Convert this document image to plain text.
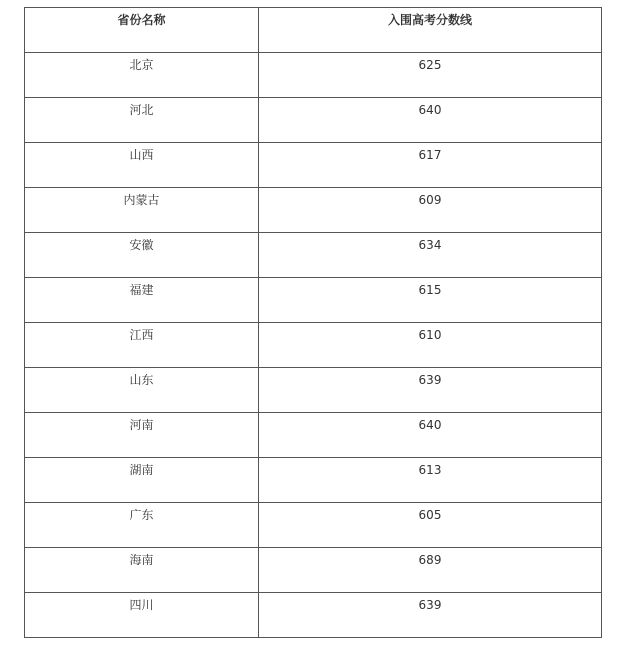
省份名称	入围高考分数线
北京	625
河北	640
山西	617
内蒙古	609
安徽	634
福建	615
江西	610
山东	639
河南	640
湖南	613
广东	605
海南	689
四川	639
